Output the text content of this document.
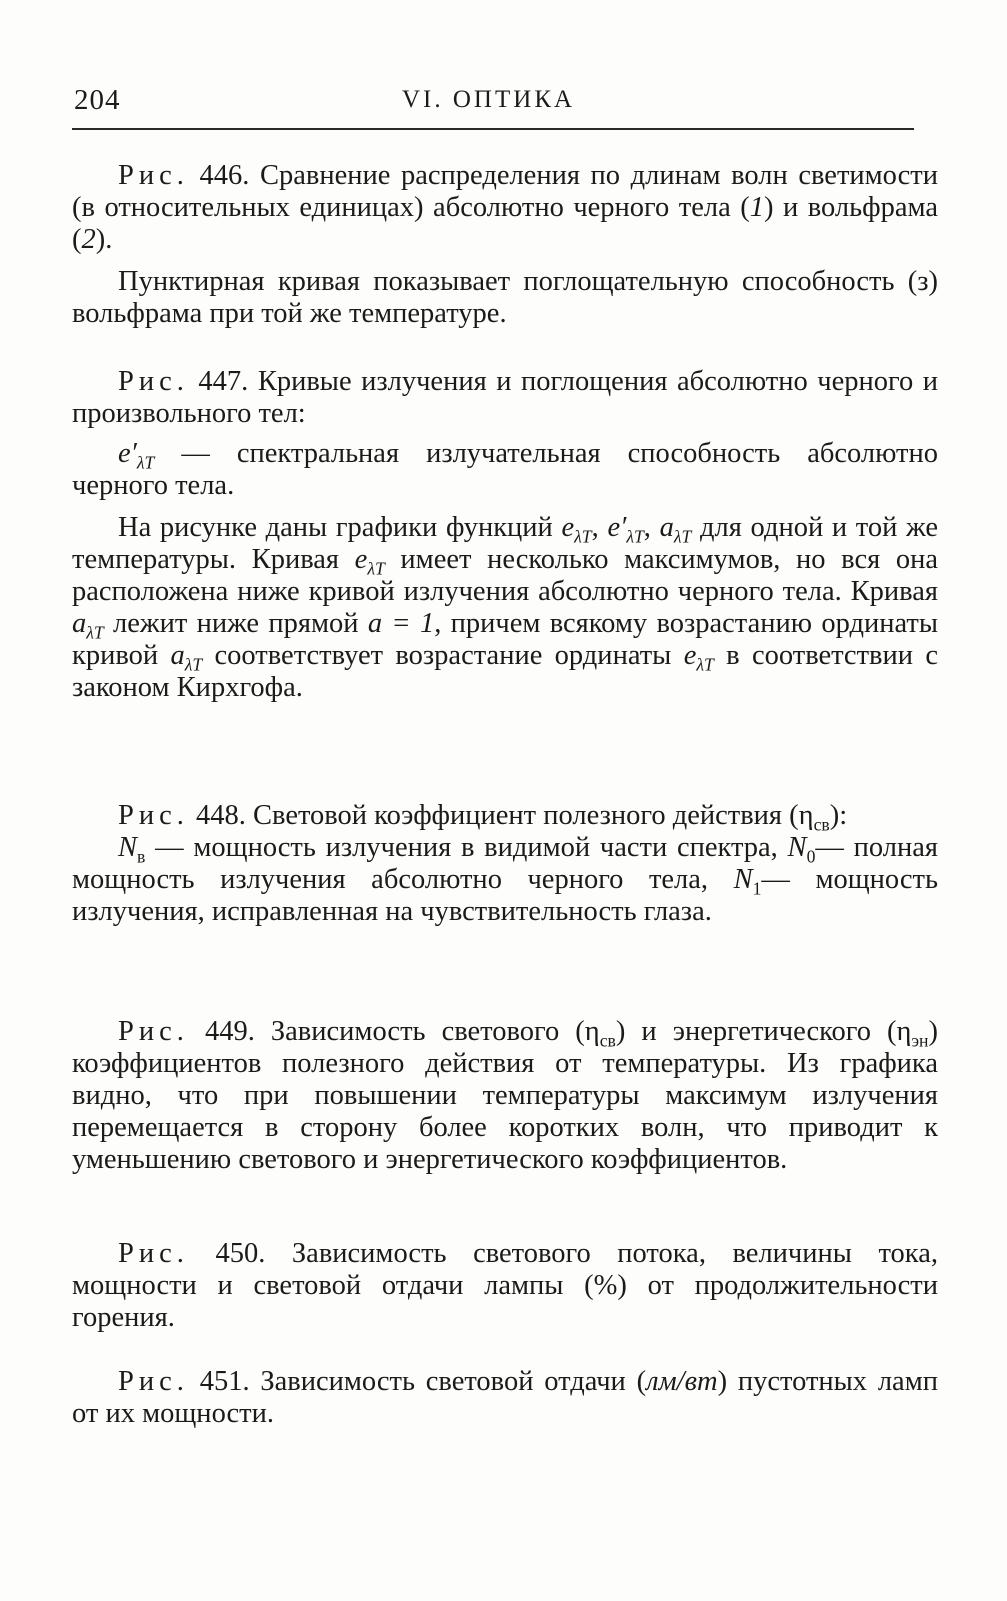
204	VI. ОПТИКА

Рис. 446. Сравнение распределения по длинам волн светимости (в относительных единицах) абсолютно черного тела (1) и вольфрама (2).

Пунктирная кривая показывает поглощательную способность (з) вольфрама при той же температуре.

Рис. 447. Кривые излучения и поглощения абсолютно черного и произвольного тел:

$e'_{\lambda T}$ — спектральная излучательная способность абсолютно черного тела.

На рисунке даны графики функций $e_{\lambda T}$, $e'_{\lambda T}$, $a_{\lambda T}$ для одной и той же температуры. Кривая $e_{\lambda T}$ имеет несколько максимумов, но вся она расположена ниже кривой излучения абсолютно черного тела. Кривая $a_{\lambda T}$ лежит ниже прямой a = 1, причем всякому возрастанию ординаты кривой $a_{\lambda T}$ соответствует возрастание ординаты $e_{\lambda T}$ в соответствии с законом Кирхгофа.

Рис. 448. Световой коэффициент полезного действия $(\eta_{св})$:

$N_в$ — мощность излучения в видимой части спектра, $N_0—$ полная мощность излучения абсолютно черного тела, $N_1—$ мощность излучения, исправленная на чувствительность глаза.

Рис. 449. Зависимость светового $(\eta_{св})$ и энергетического $(\eta_{эн})$ коэффициентов полезного действия от температуры. Из графика видно, что при повышении температуры максимум излучения перемещается в сторону более коротких волн, что приводит к уменьшению светового и энергетического коэффициентов.

Рис. 450. Зависимость светового потока, величины тока, мощности и световой отдачи лампы (%) от продолжительности горения.

Рис. 451. Зависимость световой отдачи (лм/вт) пустотных ламп от их мощности.
